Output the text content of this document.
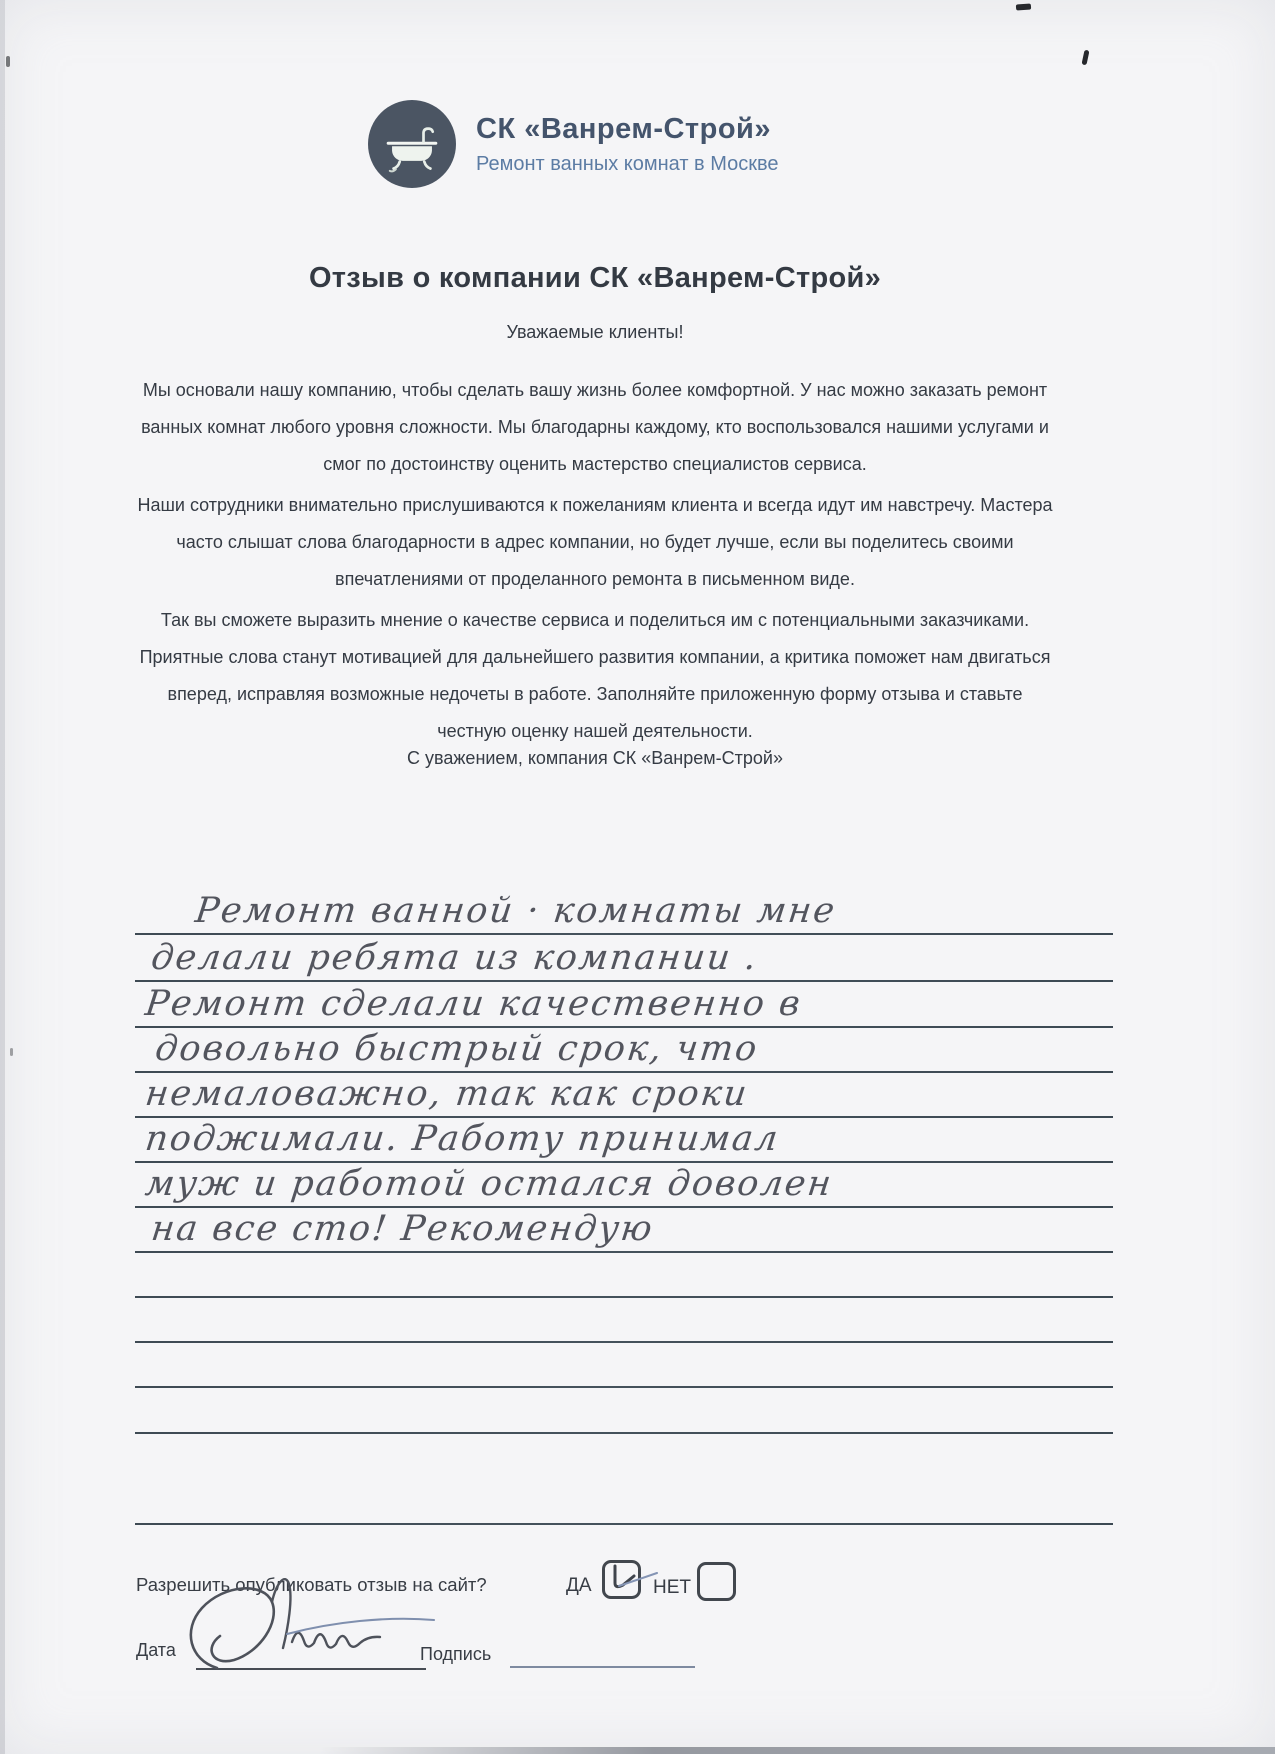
СК «Ванрем-Строй»
Ремонт ванных комнат в Москве
Отзыв о компании СК «Ванрем-Строй»
Уважаемые клиенты!
Мы основали нашу компанию, чтобы сделать вашу жизнь более комфортной. У нас можно заказать ремонт ванных комнат любого уровня сложности. Мы благодарны каждому, кто воспользовался нашими услугами и смог по достоинству оценить мастерство специалистов сервиса.
Наши сотрудники внимательно прислушиваются к пожеланиям клиента и всегда идут им навстречу. Мастера часто слышат слова благодарности в адрес компании, но будет лучше, если вы поделитесь своими впечатлениями от проделанного ремонта в письменном виде.
Так вы сможете выразить мнение о качестве сервиса и поделиться им с потенциальными заказчиками. Приятные слова станут мотивацией для дальнейшего развития компании, а критика поможет нам двигаться вперед, исправляя возможные недочеты в работе. Заполняйте приложенную форму отзыва и ставьте честную оценку нашей деятельности.
С уважением, компания СК «Ванрем-Строй»
Ремонт ванной · комнаты мне
делали ребята из компании .
Ремонт сделали качественно в
довольно быстрый срок, что
немаловажно, так как сроки
поджимали. Работу принимал
муж и работой остался доволен
на все сто! Рекомендую
Разрешить опубликовать отзыв на сайт?	ДА	НЕТ
Дата	Подпись
